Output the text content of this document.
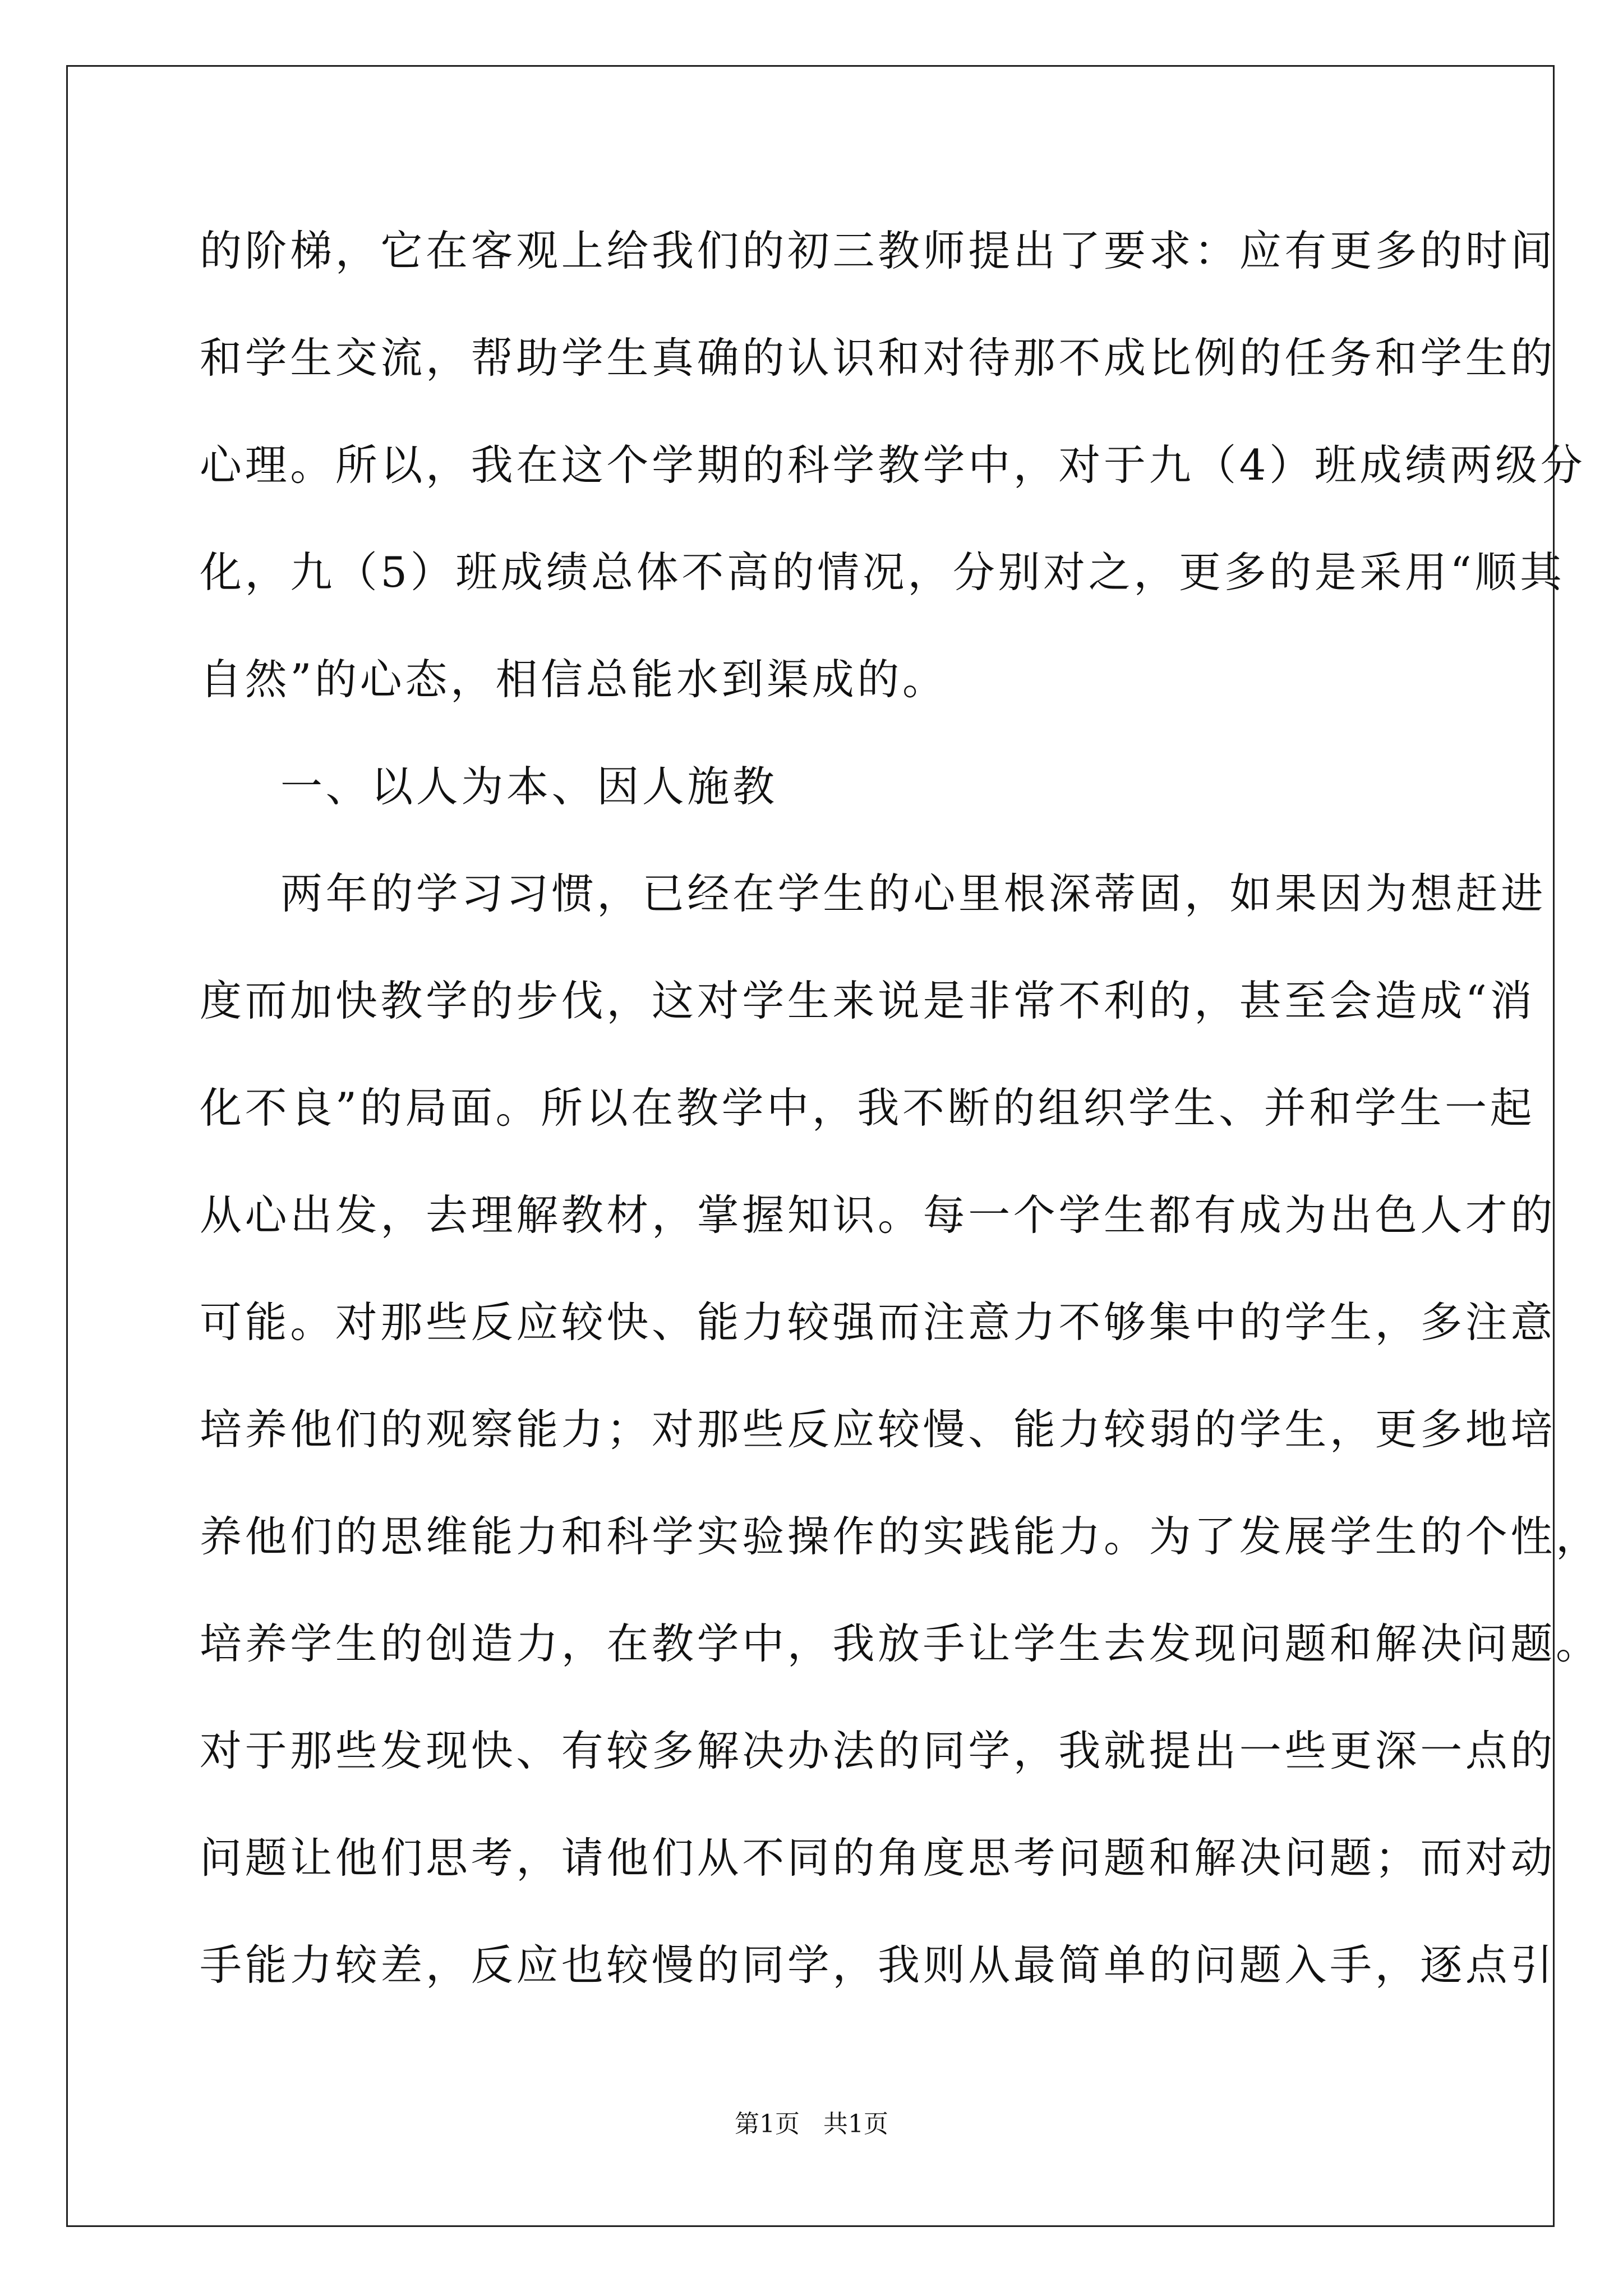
的阶梯，它在客观上给我们的初三教师提出了要求：应有更多的时间
和学生交流，帮助学生真确的认识和对待那不成比例的任务和学生的
心理。所以，我在这个学期的科学教学中，对于九（4）班成绩两级分
化，九（5）班成绩总体不高的情况，分别对之，更多的是采用“顺其
自然”的心态，相信总能水到渠成的。
一、以人为本、因人施教
两年的学习习惯，已经在学生的心里根深蒂固，如果因为想赶进
度而加快教学的步伐，这对学生来说是非常不利的，甚至会造成“消
化不良”的局面。所以在教学中，我不断的组织学生、并和学生一起
从心出发，去理解教材，掌握知识。每一个学生都有成为出色人才的
可能。对那些反应较快、能力较强而注意力不够集中的学生，多注意
培养他们的观察能力；对那些反应较慢、能力较弱的学生，更多地培
养他们的思维能力和科学实验操作的实践能力。为了发展学生的个性，
培养学生的创造力，在教学中，我放手让学生去发现问题和解决问题。
对于那些发现快、有较多解决办法的同学，我就提出一些更深一点的
问题让他们思考，请他们从不同的角度思考问题和解决问题；而对动
手能力较差，反应也较慢的同学，我则从最简单的问题入手，逐点引
第1页   共1页
